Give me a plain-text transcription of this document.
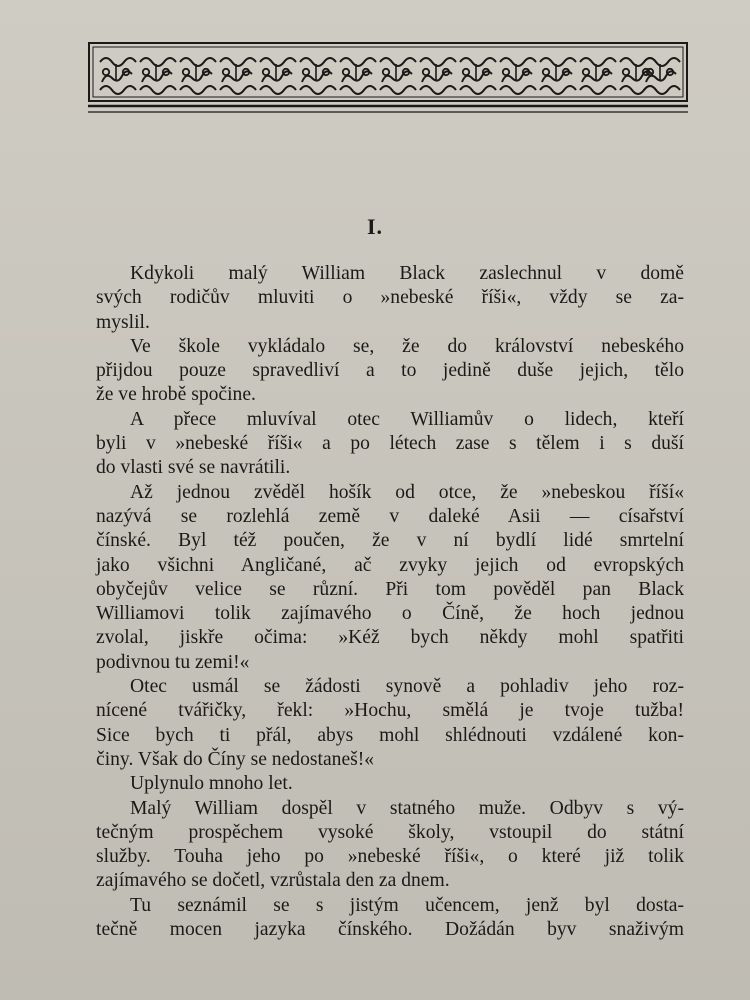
I.
Kdykoli malý William Black zaslechnul v domě
svých rodičův mluviti o »nebeské říši«, vždy se za-
myslil.
Ve škole vykládalo se, že do království nebeského
přijdou pouze spravedliví a to jedině duše jejich, tělo
že ve hrobě spočine.
A přece mluvíval otec Williamův o lidech, kteří
byli v »nebeské říši« a po létech zase s tělem i s duší
do vlasti své se navrátili.
Až jednou zvěděl hošík od otce, že »nebeskou říší«
nazývá se rozlehlá země v daleké Asii — císařství
čínské. Byl též poučen, že v ní bydlí lidé smrtelní
jako všichni Angličané, ač zvyky jejich od evropských
obyčejův velice se různí. Při tom pověděl pan Black
Williamovi tolik zajímavého o Číně, že hoch jednou
zvolal, jiskře očima: »Kéž bych někdy mohl spatřiti
podivnou tu zemi!«
Otec usmál se žádosti synově a pohladiv jeho roz-
nícené tvářičky, řekl: »Hochu, smělá je tvoje tužba!
Sice bych ti přál, abys mohl shlédnouti vzdálené kon-
činy. Však do Číny se nedostaneš!«
Uplynulo mnoho let.
Malý William dospěl v statného muže. Odbyv s vý-
tečným prospěchem vysoké školy, vstoupil do státní
služby. Touha jeho po »nebeské říši«, o které již tolik
zajímavého se dočetl, vzrůstala den za dnem.
Tu seznámil se s jistým učencem, jenž byl dosta-
tečně mocen jazyka čínského. Dožádán byv snaživým
